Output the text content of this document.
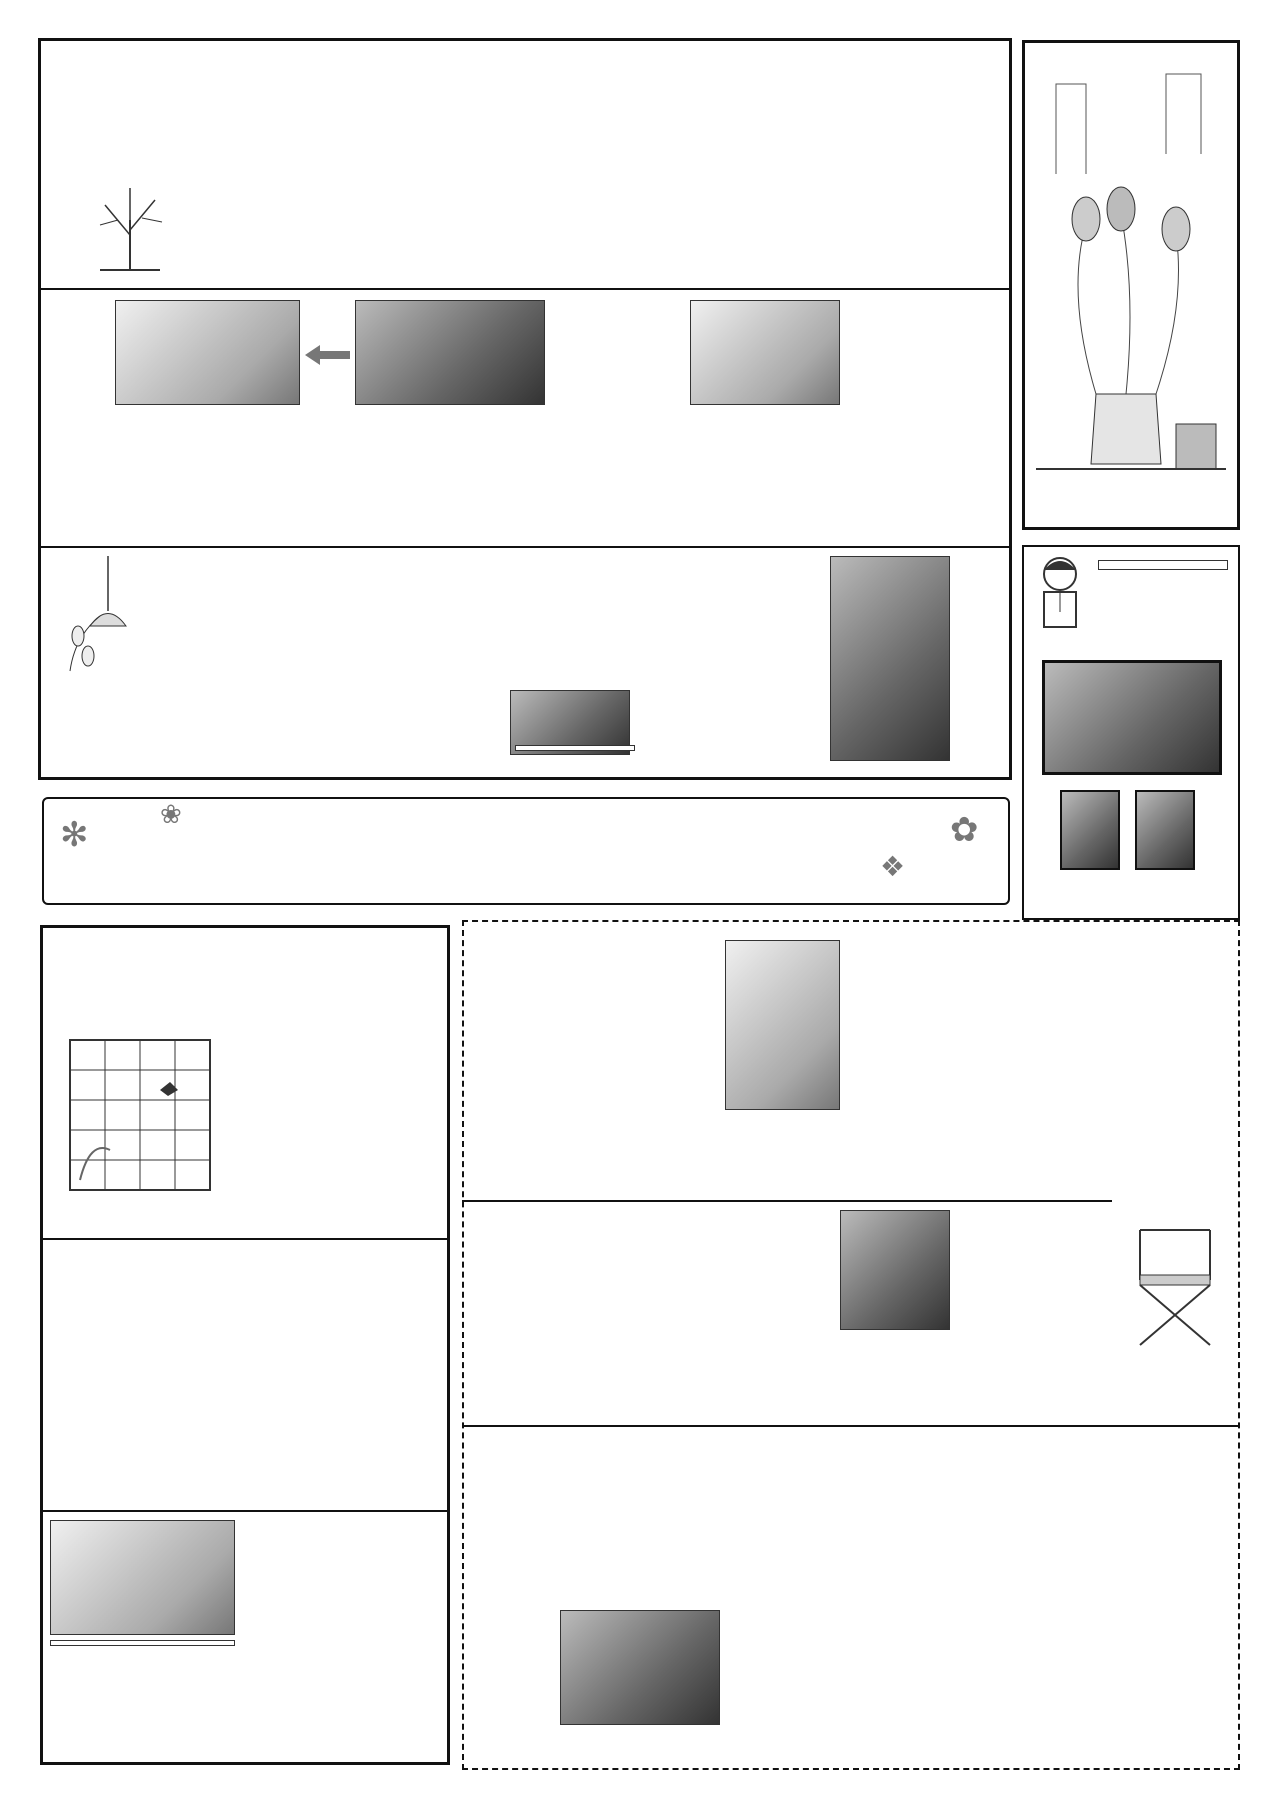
✻	❀	✿
❖
